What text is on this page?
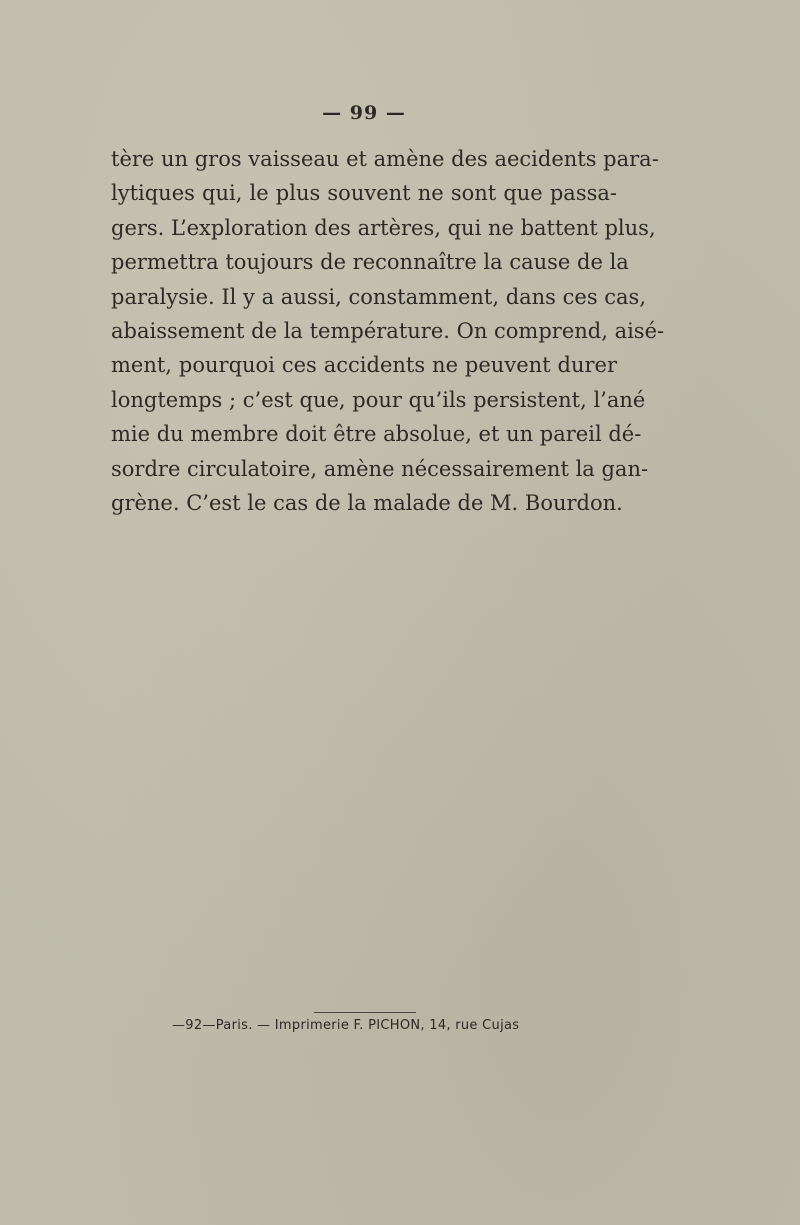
— 99 —
tère un gros vaisseau et amène des aecidents para-
lytiques qui, le plus souvent ne sont que passa-
gers. L’exploration des artères, qui ne battent plus,
permettra toujours de reconnaître la cause de la
paralysie. Il y a aussi, constamment, dans ces cas,
abaissement de la température. On comprend, aisé-
ment, pourquoi ces accidents ne peuvent durer
longtemps ; c’est que, pour qu’ils persistent, l’ané
mie du membre doit être absolue, et un pareil dé-
sordre circulatoire, amène nécessairement la gan-
grène. C’est le cas de la malade de M. Bourdon.
—92—Paris. — Imprimerie F. PICHON, 14, rue Cujas
